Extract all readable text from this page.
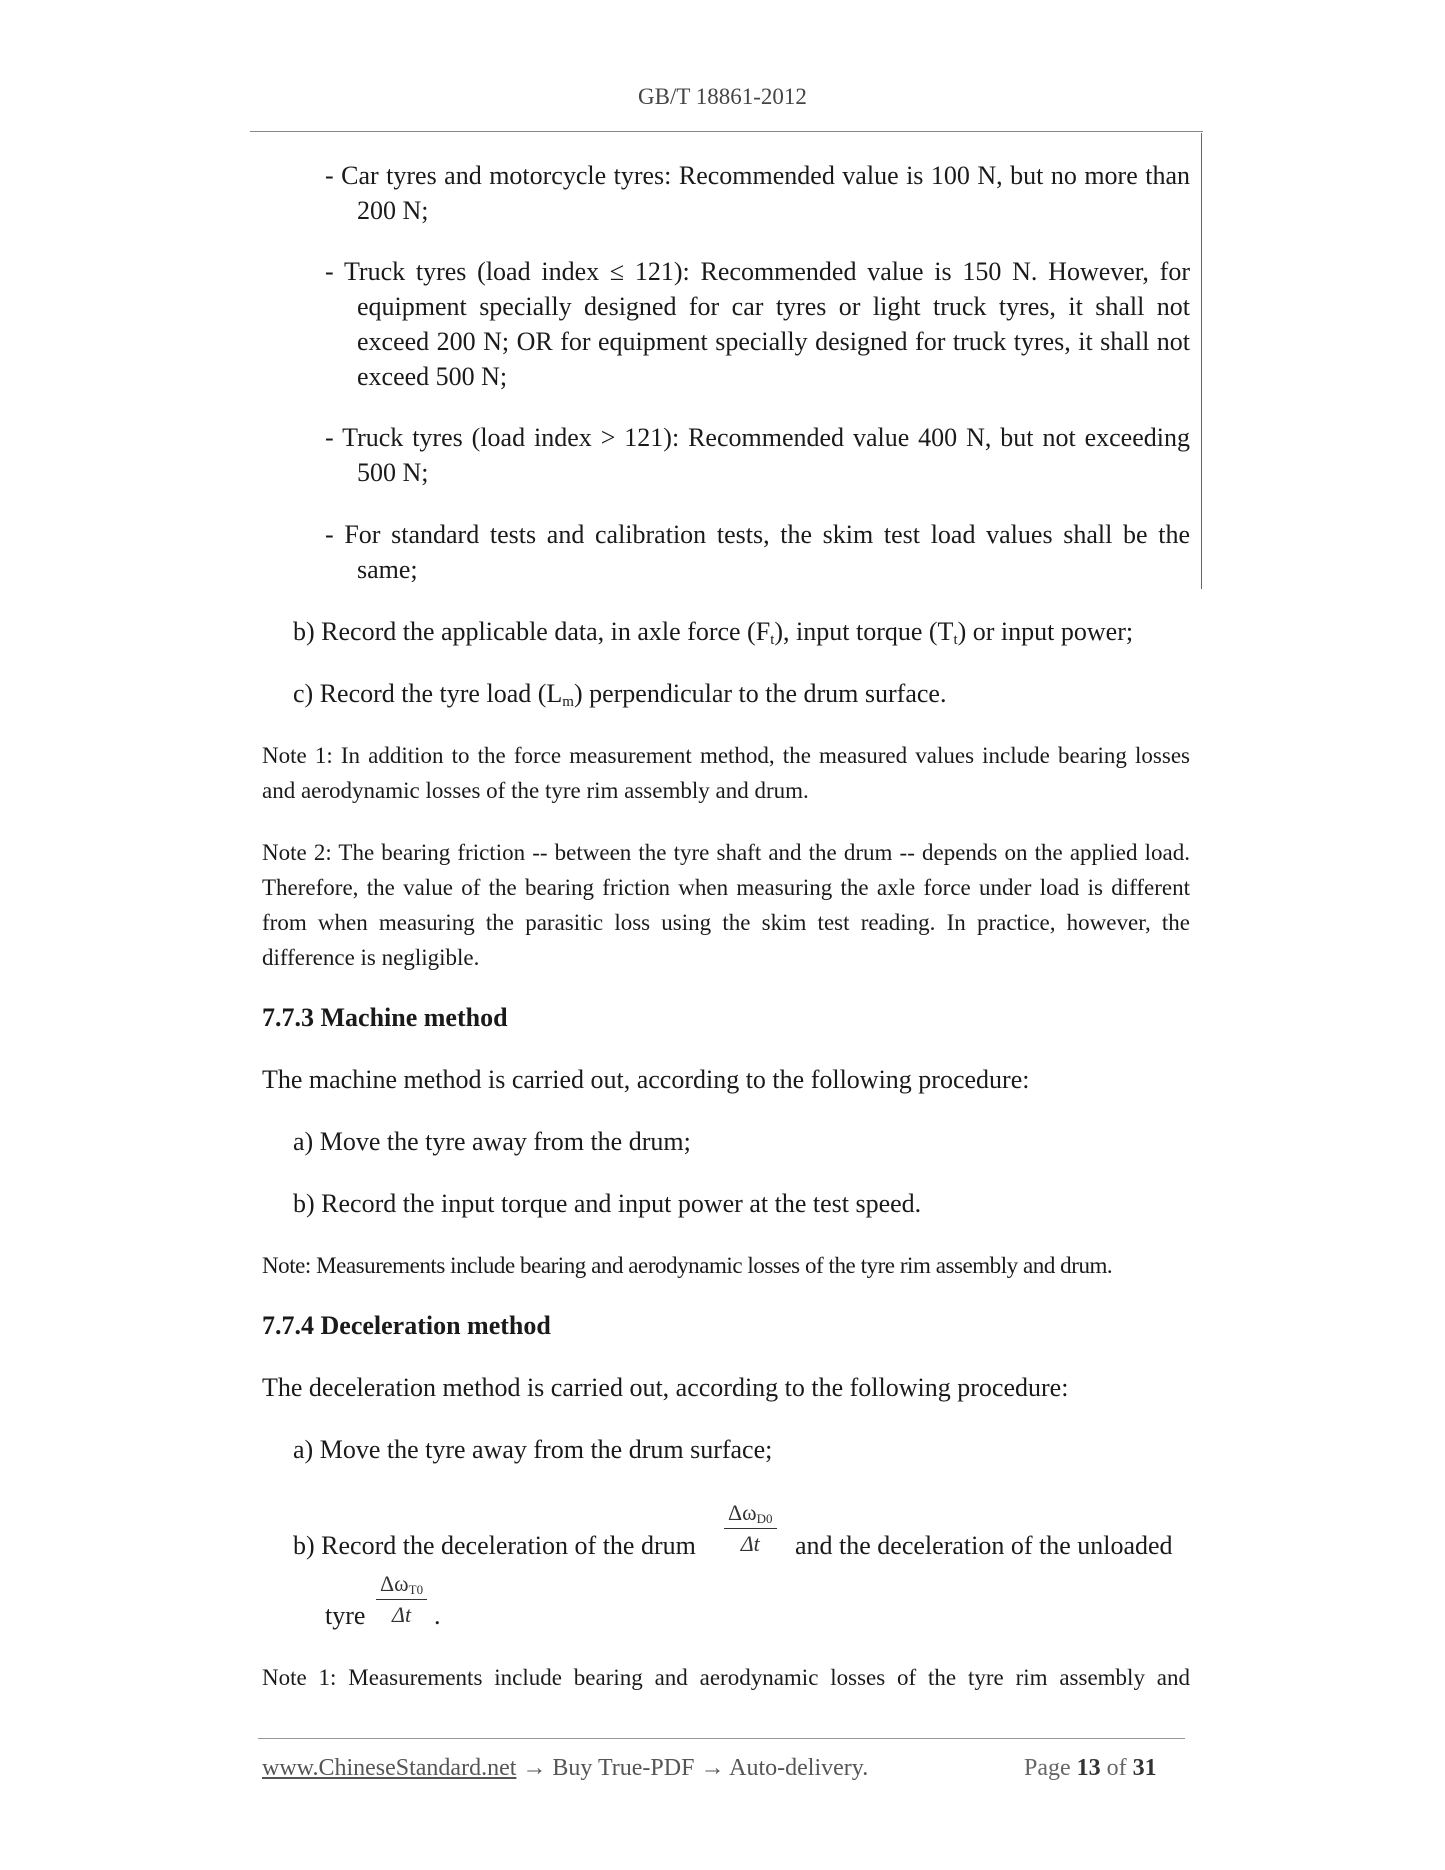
GB/T 18861-2012

- Car tyres and motorcycle tyres: Recommended value is 100 N, but no more than 200 N;

- Truck tyres (load index ≤ 121): Recommended value is 150 N. However, for equipment specially designed for car tyres or light truck tyres, it shall not exceed 200 N; OR for equipment specially designed for truck tyres, it shall not exceed 500 N;

- Truck tyres (load index > 121): Recommended value 400 N, but not exceeding 500 N;

- For standard tests and calibration tests, the skim test load values shall be the same;

b) Record the applicable data, in axle force $(F_t)$, input torque $(T_t)$ or input power;

c) Record the tyre load $(L_m)$ perpendicular to the drum surface.

Note 1: In addition to the force measurement method, the measured values include bearing losses and aerodynamic losses of the tyre rim assembly and drum.

Note 2: The bearing friction -- between the tyre shaft and the drum -- depends on the applied load. Therefore, the value of the bearing friction when measuring the axle force under load is different from when measuring the parasitic loss using the skim test reading. In practice, however, the difference is negligible.

7.7.3 Machine method

The machine method is carried out, according to the following procedure:

a) Move the tyre away from the drum;

b) Record the input torque and input power at the test speed.

Note: Measurements include bearing and aerodynamic losses of the tyre rim assembly and drum.

7.7.4 Deceleration method

The deceleration method is carried out, according to the following procedure:

a) Move the tyre away from the drum surface;

b) Record the deceleration of the drum

$\Delta\omega_{D0}$
Δt	and the deceleration of the unloaded

tyre

$\Delta\omega_{T0}$
Δt .

Note 1: Measurements include bearing and aerodynamic losses of the tyre rim assembly and

www.ChineseStandard.net → Buy True-PDF → Auto-delivery.	Page 13 of 31
